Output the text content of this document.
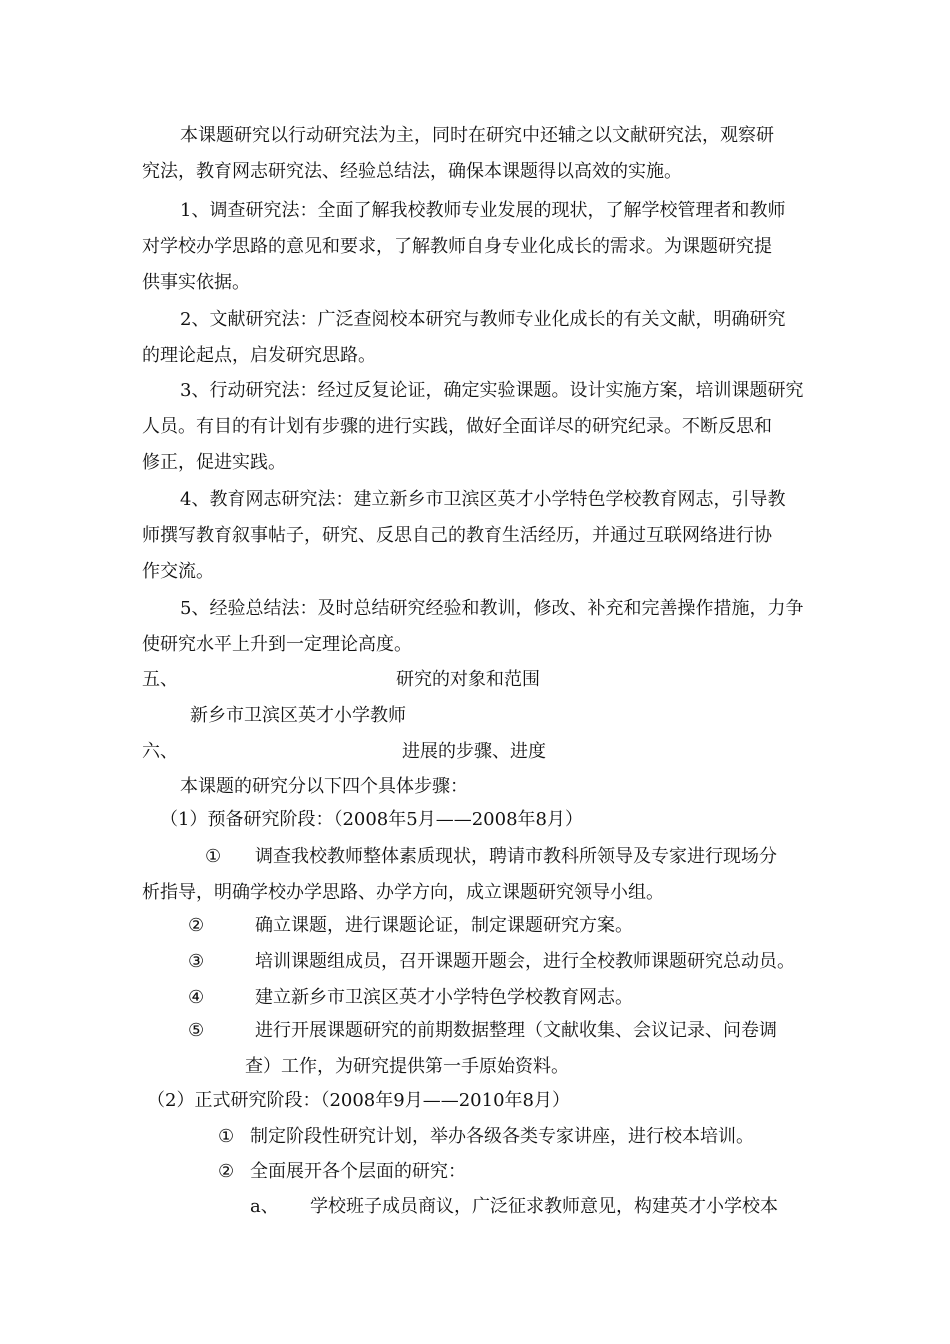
本课题研究以行动研究法为主，同时在研究中还辅之以文献研究法，观察研
究法，教育网志研究法、经验总结法，确保本课题得以高效的实施。
1、调查研究法：全面了解我校教师专业发展的现状，了解学校管理者和教师
对学校办学思路的意见和要求，了解教师自身专业化成长的需求。为课题研究提
供事实依据。
2、文献研究法：广泛查阅校本研究与教师专业化成长的有关文献，明确研究
的理论起点，启发研究思路。
3、行动研究法：经过反复论证，确定实验课题。设计实施方案，培训课题研究
人员。有目的有计划有步骤的进行实践，做好全面详尽的研究纪录。不断反思和
修正，促进实践。
4、教育网志研究法：建立新乡市卫滨区英才小学特色学校教育网志，引导教
师撰写教育叙事帖子，研究、反思自己的教育生活经历，并通过互联网络进行协
作交流。
5、经验总结法：及时总结研究经验和教训，修改、补充和完善操作措施，力争
使研究水平上升到一定理论高度。
五、	研究的对象和范围
新乡市卫滨区英才小学教师
六、	进展的步骤、进度
本课题的研究分以下四个具体步骤：
（1）预备研究阶段：（2008年5月——2008年8月）
① 调查我校教师整体素质现状，聘请市教科所领导及专家进行现场分
析指导，明确学校办学思路、办学方向，成立课题研究领导小组。
②	确立课题，进行课题论证，制定课题研究方案。
③	培训课题组成员，召开课题开题会，进行全校教师课题研究总动员。
④	建立新乡市卫滨区英才小学特色学校教育网志。
⑤	进行开展课题研究的前期数据整理（文献收集、会议记录、问卷调
查）工作，为研究提供第一手原始资料。
（2）正式研究阶段：（2008年9月——2010年8月）
① 制定阶段性研究计划，举办各级各类专家讲座，进行校本培训。
② 全面展开各个层面的研究：
a、 学校班子成员商议，广泛征求教师意见，构建英才小学校本
